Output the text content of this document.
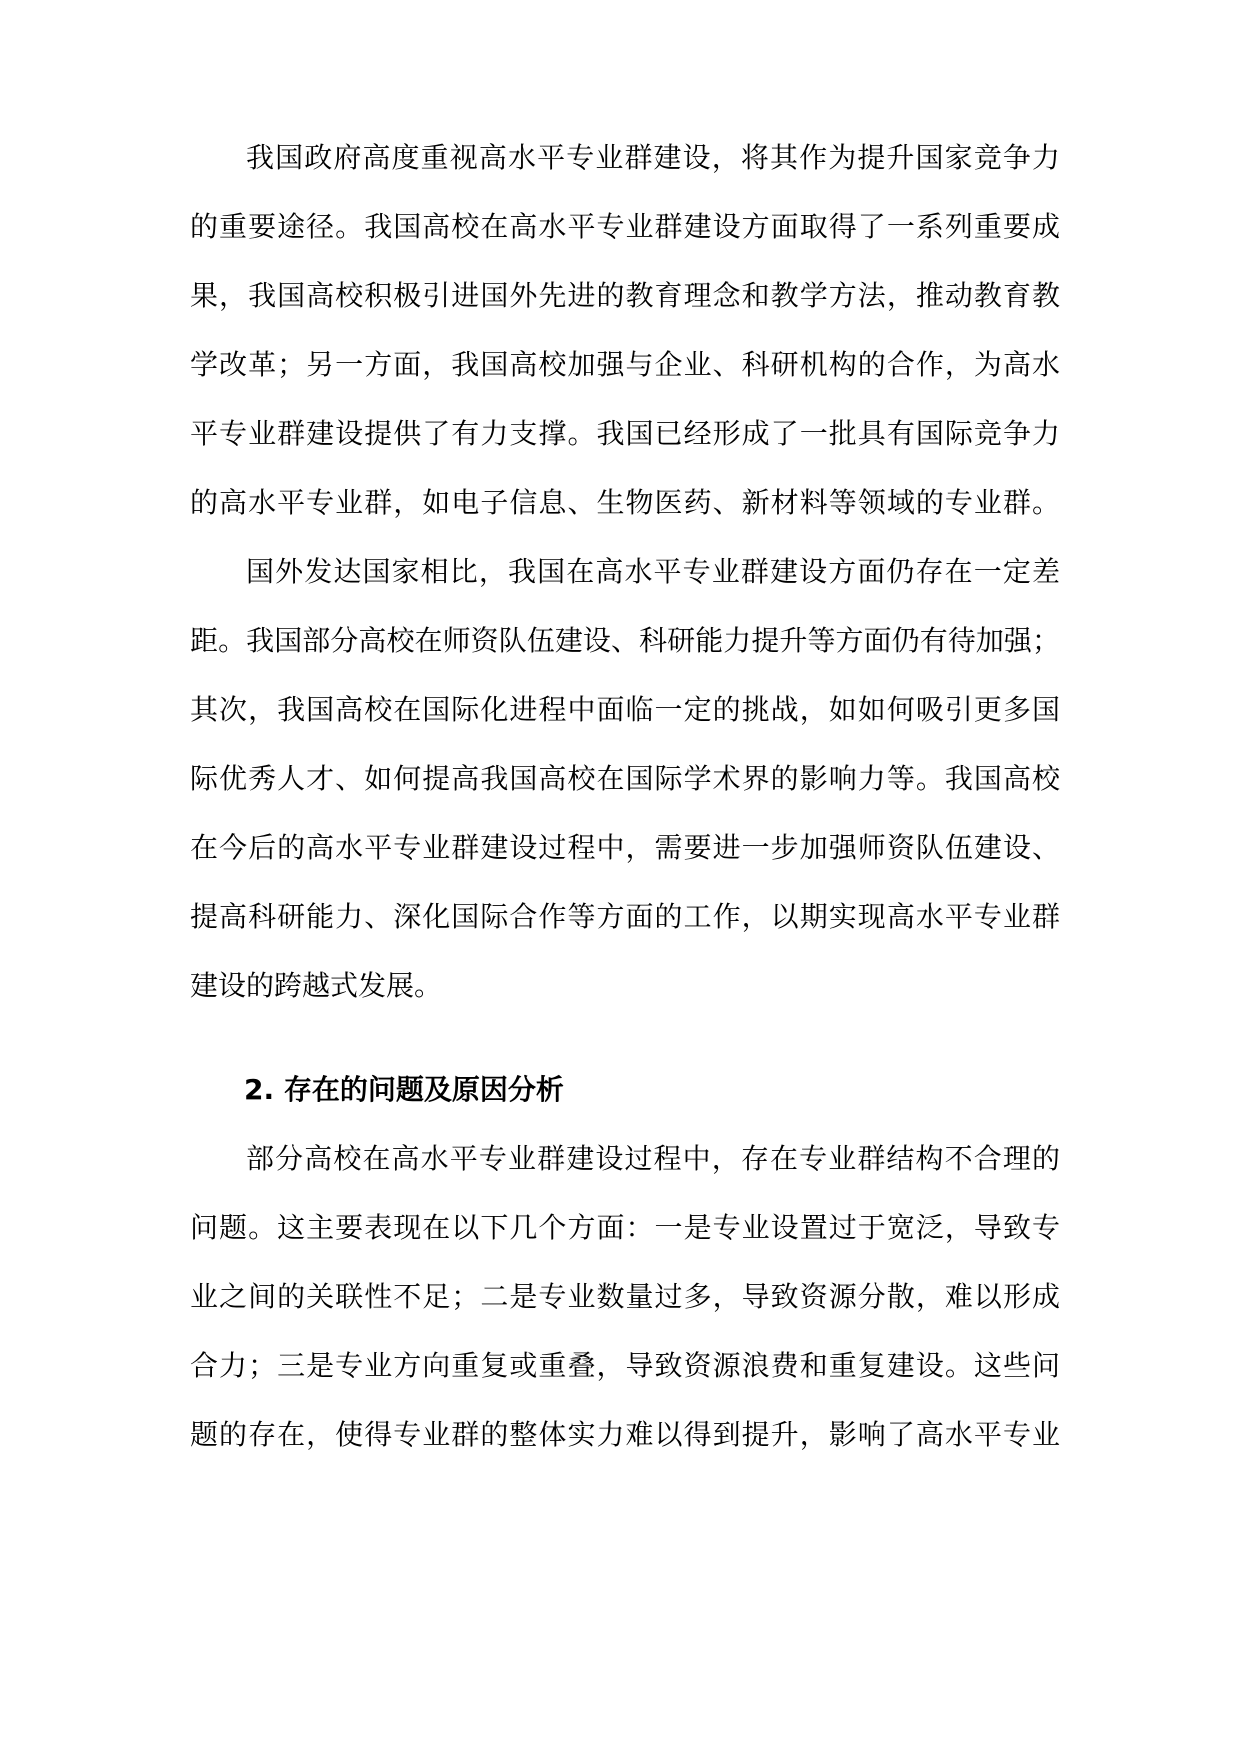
我国政府高度重视高水平专业群建设，将其作为提升国家竞争力
的重要途径。我国高校在高水平专业群建设方面取得了一系列重要成
果，我国高校积极引进国外先进的教育理念和教学方法，推动教育教
学改革；另一方面，我国高校加强与企业、科研机构的合作，为高水
平专业群建设提供了有力支撑。我国已经形成了一批具有国际竞争力
的高水平专业群，如电子信息、生物医药、新材料等领域的专业群。
国外发达国家相比，我国在高水平专业群建设方面仍存在一定差
距。我国部分高校在师资队伍建设、科研能力提升等方面仍有待加强；
其次，我国高校在国际化进程中面临一定的挑战，如如何吸引更多国
际优秀人才、如何提高我国高校在国际学术界的影响力等。我国高校
在今后的高水平专业群建设过程中，需要进一步加强师资队伍建设、
提高科研能力、深化国际合作等方面的工作，以期实现高水平专业群
建设的跨越式发展。
2. 存在的问题及原因分析
部分高校在高水平专业群建设过程中，存在专业群结构不合理的
问题。这主要表现在以下几个方面：一是专业设置过于宽泛，导致专
业之间的关联性不足；二是专业数量过多，导致资源分散，难以形成
合力；三是专业方向重复或重叠，导致资源浪费和重复建设。这些问
题的存在，使得专业群的整体实力难以得到提升，影响了高水平专业
